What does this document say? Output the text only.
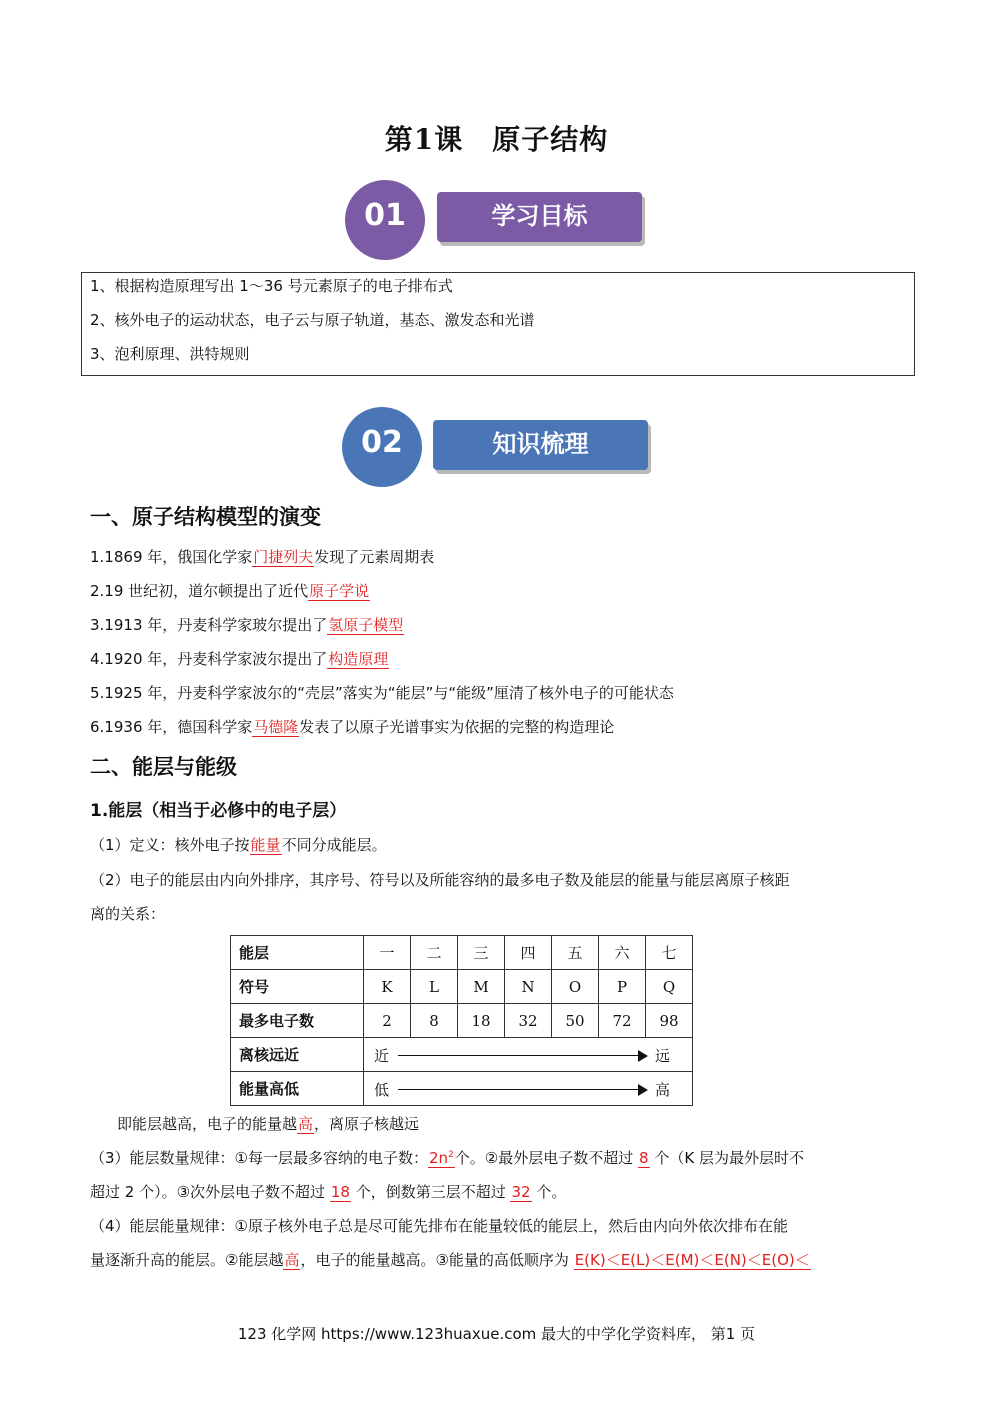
第1课　原子结构
01	学习目标
1、根据构造原理写出 1～36 号元素原子的电子排布式
2、核外电子的运动状态，电子云与原子轨道，基态、激发态和光谱
3、泡利原理、洪特规则
02	知识梳理
一、原子结构模型的演变
1.1869 年，俄国化学家门捷列夫发现了元素周期表
2.19 世纪初，道尔顿提出了近代原子学说
3.1913 年，丹麦科学家玻尔提出了氢原子模型
4.1920 年，丹麦科学家波尔提出了构造原理
5.1925 年，丹麦科学家波尔的“壳层”落实为“能层”与“能级”厘清了核外电子的可能状态
6.1936 年，德国科学家马德隆发表了以原子光谱事实为依据的完整的构造理论
二、能层与能级
1.能层（相当于必修中的电子层）
（1）定义：核外电子按能量不同分成能层。
（2）电子的能层由内向外排序，其序号、符号以及所能容纳的最多电子数及能层的能量与能层离原子核距
离的关系：
能层	一	二	三	四	五	六	七
符号	K	L	M	N	O	P	Q
最多电子数	2	8	18	32	50	72	98
离核远近	近 远						

能量高低	低 高						
即能层越高，电子的能量越高，离原子核越远
（3）能层数量规律：①每一层最多容纳的电子数：$2n^2$个。②最外层电子数不超过 8 个（K 层为最外层时不
超过 2 个）。③次外层电子数不超过 18 个，倒数第三层不超过 32 个。
（4）能层能量规律：①原子核外电子总是尽可能先排布在能量较低的能层上，然后由内向外依次排布在能
量逐渐升高的能层。②能层越高，电子的能量越高。③能量的高低顺序为 E(K)＜E(L)＜E(M)＜E(N)＜E(O)＜
123 化学网 https://www.123huaxue.com 最大的中学化学资料库， 第1 页
